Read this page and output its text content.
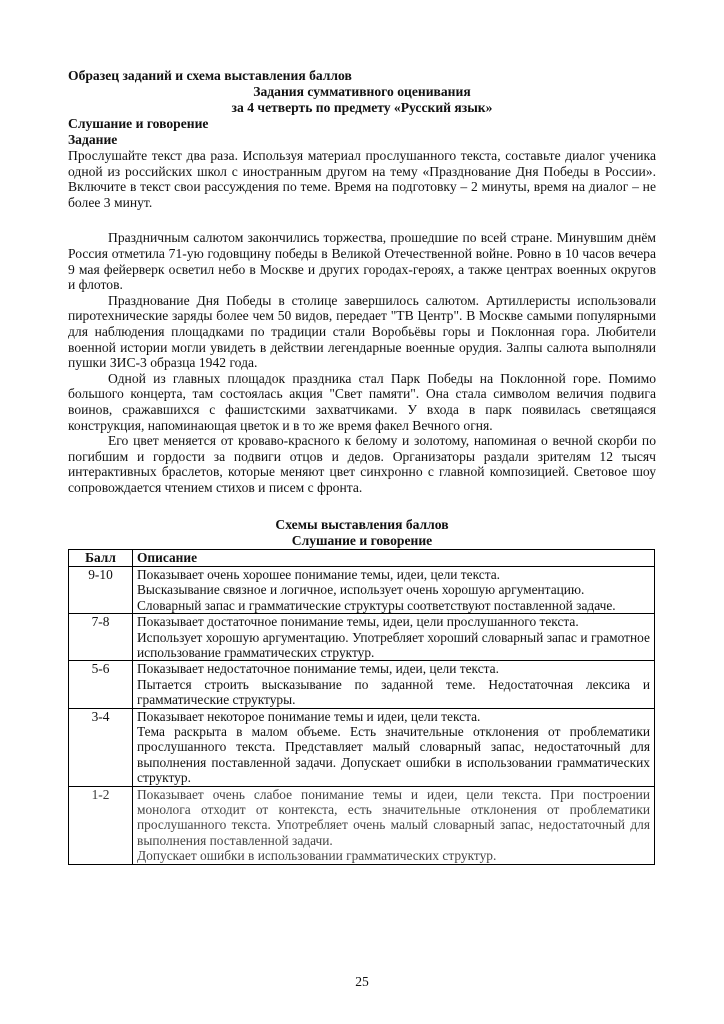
Образец заданий и схема выставления баллов
Задания суммативного оценивания
за 4 четверть по предмету «Русский язык»
Слушание и говорение
Задание
Прослушайте текст два раза. Используя материал прослушанного текста, составьте диалог ученика одной из российских школ с иностранным другом на тему «Празднование Дня Победы в России». Включите в текст свои рассуждения по теме. Время на подготовку – 2 минуты, время на диалог – не более 3 минут.

Праздничным салютом закончились торжества, прошедшие по всей стране. Минувшим днём Россия отметила 71-ую годовщину победы в Великой Отечественной войне. Ровно в 10 часов вечера 9 мая фейерверк осветил небо в Москве и других городах-героях, а также центрах военных округов и флотов.

Празднование Дня Победы в столице завершилось салютом. Артиллеристы использовали пиротехнические заряды более чем 50 видов, передает "ТВ Центр". В Москве самыми популярными для наблюдения площадками по традиции стали Воробьёвы горы и Поклонная гора. Любители военной истории могли увидеть в действии легендарные военные орудия. Залпы салюта выполняли пушки ЗИС-3 образца 1942 года.

Одной из главных площадок праздника стал Парк Победы на Поклонной горе. Помимо большого концерта, там состоялась акция "Свет памяти". Она стала символом величия подвига воинов, сражавшихся с фашистскими захватчиками. У входа в парк появилась светящаяся конструкция, напоминающая цветок и в то же время факел Вечного огня.

Его цвет меняется от кроваво-красного к белому и золотому, напоминая о вечной скорби по погибшим и гордости за подвиги отцов и дедов. Организаторы раздали зрителям 12 тысяч интерактивных браслетов, которые меняют цвет синхронно с главной композицией. Световое шоу сопровождается чтением стихов и писем с фронта.

Схемы выставления баллов
Слушание и говорение
Балл	Описание
9-10	Показывает очень хорошее понимание темы, идеи, цели текста.
Высказывание связное и логичное, использует очень хорошую аргументацию.
Словарный запас и грамматические структуры соответствуют поставленной задаче.

7-8	Показывает достаточное понимание темы, идеи, цели прослушанного текста.
Использует хорошую аргументацию. Употребляет хороший словарный запас и грамотное использование грамматических структур.

5-6	Показывает недостаточное понимание темы, идеи, цели текста.
Пытается строить высказывание по заданной теме. Недостаточная лексика и грамматические структуры.

3-4	Показывает некоторое понимание темы и идеи, цели текста.
Тема раскрыта в малом объеме. Есть значительные отклонения от проблематики прослушанного текста. Представляет малый словарный запас, недостаточный для выполнения поставленной задачи. Допускает ошибки в использовании грамматических структур.

1-2	Показывает очень слабое понимание темы и идеи, цели текста. При построении монолога отходит от контекста, есть значительные отклонения от проблематики прослушанного текста. Употребляет очень малый словарный запас, недостаточный для выполнения поставленной задачи.
Допускает ошибки в использовании грамматических структур.
25
